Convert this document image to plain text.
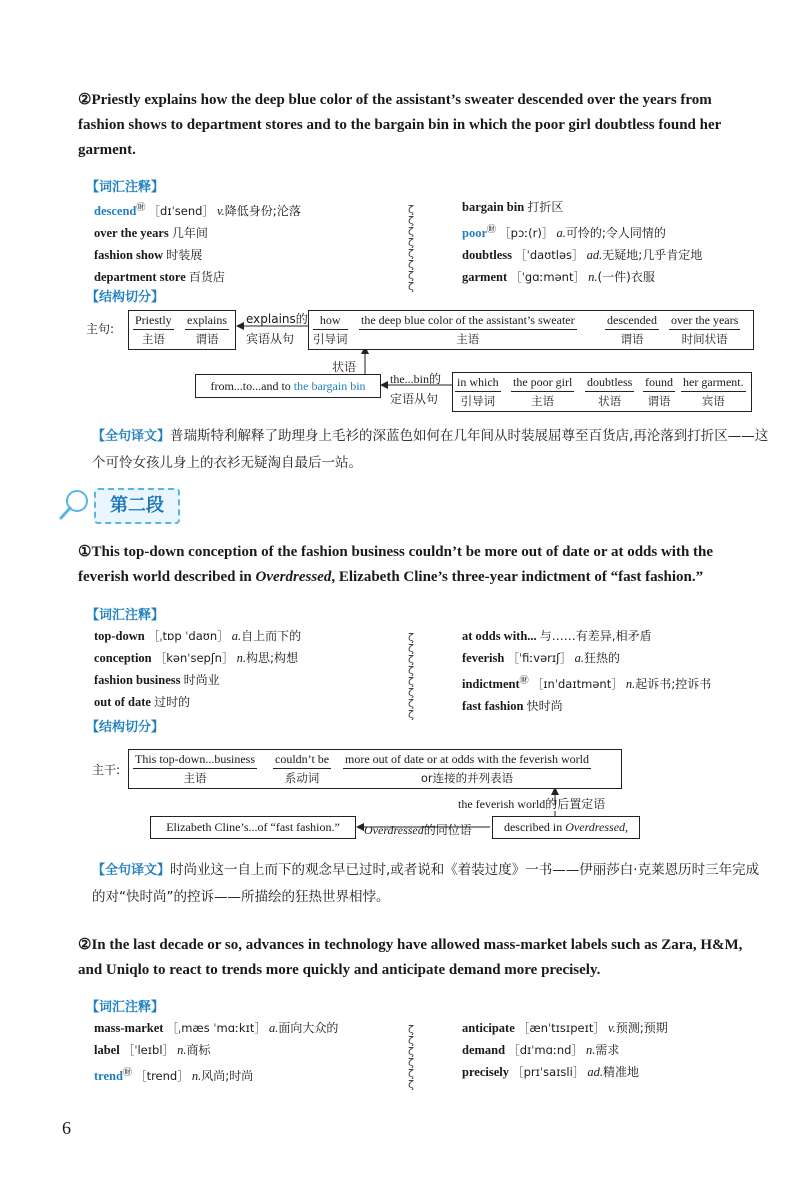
②Priestly explains how the deep blue color of the assistant’s sweater descended over the years from fashion shows to department stores and to the bargain bin in which the poor girl doubtless found her garment.
【词汇注释】
descend㊖ ［dɪˈsend］ v.降低身份;沦落
over the years 几年间
fashion show 时装展
department store 百货店
ζ
ζ
ζ
ζ
ζ
ζ
ζ
ζ
bargain bin 打折区
poor㊖ ［pɔː(r)］ a.可怜的;令人同情的
doubtless ［ˈdaʊtləs］ ad.无疑地;几乎肯定地
garment ［ˈgɑːmənt］ n.(一件)衣服
【结构切分】
主句:
Priestly
主语
explains
谓语
explains的
宾语从句
how
引导词
the deep blue color of the assistant’s sweater
主语
descended
谓语
over the years
时间状语
状语
from...to...and to the bargain bin	the...bin的
定语从句
in which
引导词
the poor girl
主语
doubtless
状语
found
谓语
her garment.
宾语
【全句译文】普瑞斯特利解释了助理身上毛衫的深蓝色如何在几年间从时装展屈尊至百货店,再沦落到打折区——这个可怜女孩儿身上的衣衫无疑淘自最后一站。
第二段
①This top-down conception of the fashion business couldn’t be more out of date or at odds with the feverish world described in Overdressed, Elizabeth Cline’s three-year indictment of “fast fashion.”
【词汇注释】
top-down ［ˌtɒp ˈdaʊn］ a.自上而下的
conception ［kənˈsepʃn］ n.构思;构想
fashion business 时尚业
out of date 过时的
ζ
ζ
ζ
ζ
ζ
ζ
ζ
ζ
at odds with... 与……有差异,相矛盾
feverish ［ˈfiːvərɪʃ］ a.狂热的
indictment㊖ ［ɪnˈdaɪtmənt］ n.起诉书;控诉书
fast fashion 快时尚
【结构切分】
主干:
This top-down...business
主语
couldn’t be
系动词
more out of date or at odds with the feverish world
or连接的并列表语
the feverish world的后置定语
Elizabeth Cline’s...of “fast fashion.”	Overdressed的同位语	described in Overdressed,
【全句译文】时尚业这一自上而下的观念早已过时,或者说和《着装过度》一书——伊丽莎白·克莱恩历时三年完成的对“快时尚”的控诉——所描绘的狂热世界相悖。
②In the last decade or so, advances in technology have allowed mass-market labels such as Zara, H&M, and Uniqlo to react to trends more quickly and anticipate demand more precisely.
【词汇注释】
mass-market ［ˌmæs ˈmɑːkɪt］ a.面向大众的
label ［ˈleɪbl］ n.商标
trend㊖ ［trend］ n.风尚;时尚
ζ
ζ
ζ
ζ
ζ
ζ
anticipate ［ænˈtɪsɪpeɪt］ v.预测;预期
demand ［dɪˈmɑːnd］ n.需求
precisely ［prɪˈsaɪsli］ ad.精准地
6
